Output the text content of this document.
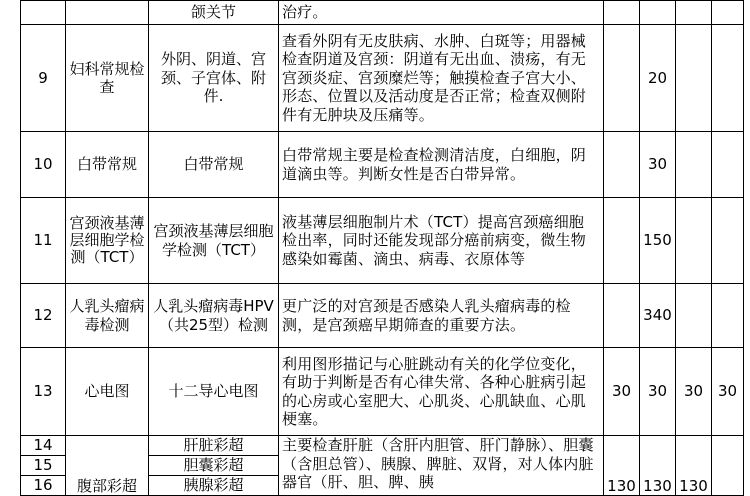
		颌关节	治疗。				
9	妇科常规检查	外阴、阴道、宫颈、子宫体、附件.	查看外阴有无皮肤病、水肿、白斑等；用器械检查阴道及宫颈：阴道有无出血、溃疡，有无宫颈炎症、宫颈糜烂等；触摸检查子宫大小、形态、位置以及活动度是否正常；检查双侧附件有无肿块及压痛等。		20		
10	白带常规	白带常规	白带常规主要是检查检测清洁度，白细胞，阴道滴虫等。判断女性是否白带异常。		30		
11	宫颈液基薄层细胞学检测（TCT）	宫颈液基薄层细胞学检测（TCT）	液基薄层细胞制片术（TCT）提高宫颈癌细胞检出率，同时还能发现部分癌前病变，微生物感染如霉菌、滴虫、病毒、衣原体等		150		
12	人乳头瘤病毒检测	人乳头瘤病毒HPV（共25型）检测	更广泛的对宫颈是否感染人乳头瘤病毒的检测，是宫颈癌早期筛查的重要方法。		340		
13	心电图	十二导心电图	利用图形描记与心脏跳动有关的化学位变化，有助于判断是否有心律失常、各种心脏病引起的心房或心室肥大、心肌炎、心肌缺血、心肌梗塞。	30	30	30	30
14	腹部彩超	肝脏彩超	主要检查肝脏（含肝内胆管、肝门静脉）、胆囊（含胆总管）、胰腺、脾脏、双肾，对人体内脏器官（肝、胆、脾、胰	130	130	130	
15		胆囊彩超					
16		胰腺彩超					
